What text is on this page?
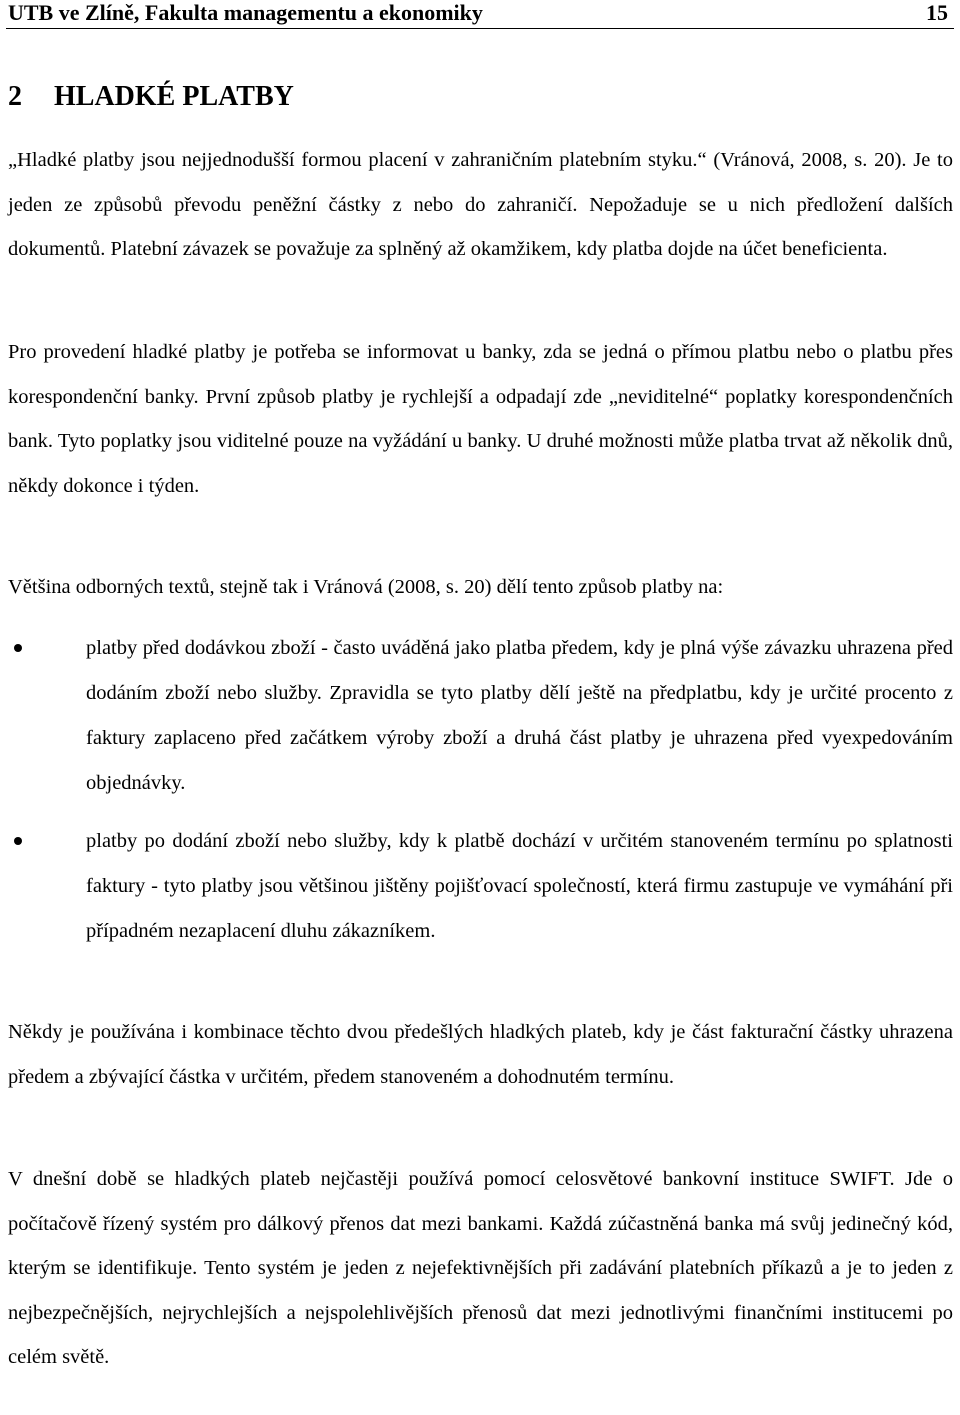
UTB ve Zlíně, Fakulta managementu a ekonomiky	15
2 HLADKÉ PLATBY

„Hladké platby jsou nejjednodušší formou placení v zahraničním platebním styku.“ (Vránová, 2008, s. 20). Je to jeden ze způsobů převodu peněžní částky z nebo do zahraničí. Nepožaduje se u nich předložení dalších dokumentů. Platební závazek se považuje za splněný až okamžikem, kdy platba dojde na účet beneficienta.

Pro provedení hladké platby je potřeba se informovat u banky, zda se jedná o přímou platbu nebo o platbu přes korespondenční banky. První způsob platby je rychlejší a odpadají zde „neviditelné“ poplatky korespondenčních bank. Tyto poplatky jsou viditelné pouze na vyžádání u banky. U druhé možnosti může platba trvat až několik dnů, někdy dokonce i týden.

Většina odborných textů, stejně tak i Vránová (2008, s. 20) dělí tento způsob platby na:

platby před dodávkou zboží - často uváděná jako platba předem, kdy je plná výše závazku uhrazena před dodáním zboží nebo služby. Zpravidla se tyto platby dělí ještě na předplatbu, kdy je určité procento z faktury zaplaceno před začátkem výroby zboží a druhá část platby je uhrazena před vyexpedováním objednávky.

platby po dodání zboží nebo služby, kdy k platbě dochází v určitém stanoveném termínu po splatnosti faktury - tyto platby jsou většinou jištěny pojišťovací společností, která firmu zastupuje ve vymáhání při případném nezaplacení dluhu zákazníkem.

Někdy je používána i kombinace těchto dvou předešlých hladkých plateb, kdy je část fakturační částky uhrazena předem a zbývající částka v určitém, předem stanoveném a dohodnutém termínu.

V dnešní době se hladkých plateb nejčastěji používá pomocí celosvětové bankovní instituce SWIFT. Jde o počítačově řízený systém pro dálkový přenos dat mezi bankami. Každá zúčastněná banka má svůj jedinečný kód, kterým se identifikuje. Tento systém je jeden z nejefektivnějších při zadávání platebních příkazů a je to jeden z nejbezpečnějších, nejrychlejších a nejspolehlivějších přenosů dat mezi jednotlivými finančními institucemi po celém světě.
